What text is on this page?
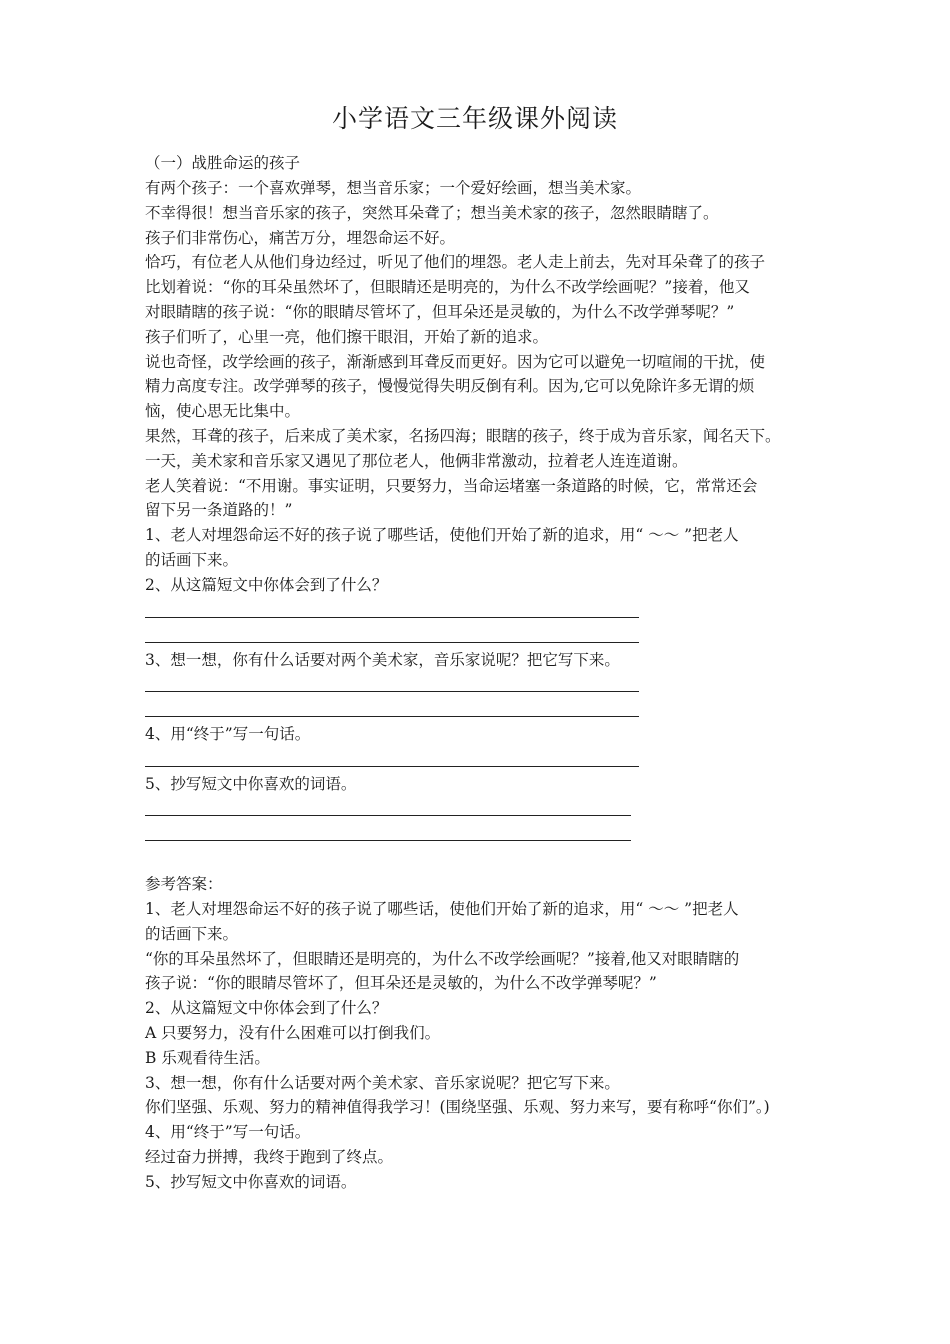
小学语文三年级课外阅读
（一）战胜命运的孩子
有两个孩子：一个喜欢弹琴，想当音乐家；一个爱好绘画，想当美术家。
不幸得很！想当音乐家的孩子，突然耳朵聋了；想当美术家的孩子，忽然眼睛瞎了。
孩子们非常伤心，痛苦万分，埋怨命运不好。
恰巧，有位老人从他们身边经过，听见了他们的埋怨。老人走上前去，先对耳朵聋了的孩子
比划着说：“你的耳朵虽然坏了，但眼睛还是明亮的，为什么不改学绘画呢？”接着，他又
对眼睛瞎的孩子说：“你的眼睛尽管坏了，但耳朵还是灵敏的，为什么不改学弹琴呢？”
孩子们听了，心里一亮，他们擦干眼泪，开始了新的追求。
说也奇怪，改学绘画的孩子，渐渐感到耳聋反而更好。因为它可以避免一切喧闹的干扰，使
精力高度专注。改学弹琴的孩子，慢慢觉得失明反倒有利。因为,它可以免除许多无谓的烦
恼，使心思无比集中。
果然，耳聋的孩子，后来成了美术家，名扬四海；眼瞎的孩子，终于成为音乐家，闻名天下。
一天，美术家和音乐家又遇见了那位老人，他俩非常激动，拉着老人连连道谢。
老人笑着说：“不用谢。事实证明，只要努力，当命运堵塞一条道路的时候，它，常常还会
留下另一条道路的！”
1、老人对埋怨命运不好的孩子说了哪些话，使他们开始了新的追求，用“ ～～ ”把老人
的话画下来。
2、从这篇短文中你体会到了什么？
3、想一想，你有什么话要对两个美术家，音乐家说呢？把它写下来。
4、用“终于”写一句话。
5、抄写短文中你喜欢的词语。
参考答案：
1、老人对埋怨命运不好的孩子说了哪些话，使他们开始了新的追求，用“ ～～ ”把老人
的话画下来。
“你的耳朵虽然坏了，但眼睛还是明亮的，为什么不改学绘画呢？”接着,他又对眼睛瞎的
孩子说：“你的眼睛尽管坏了，但耳朵还是灵敏的，为什么不改学弹琴呢？”
2、从这篇短文中你体会到了什么？
A 只要努力，没有什么困难可以打倒我们。
B 乐观看待生活。
3、想一想，你有什么话要对两个美术家、音乐家说呢？把它写下来。
你们坚强、乐观、努力的精神值得我学习！(围绕坚强、乐观、努力来写，要有称呼“你们”。)
4、用“终于”写一句话。
经过奋力拼搏，我终于跑到了终点。
5、抄写短文中你喜欢的词语。
